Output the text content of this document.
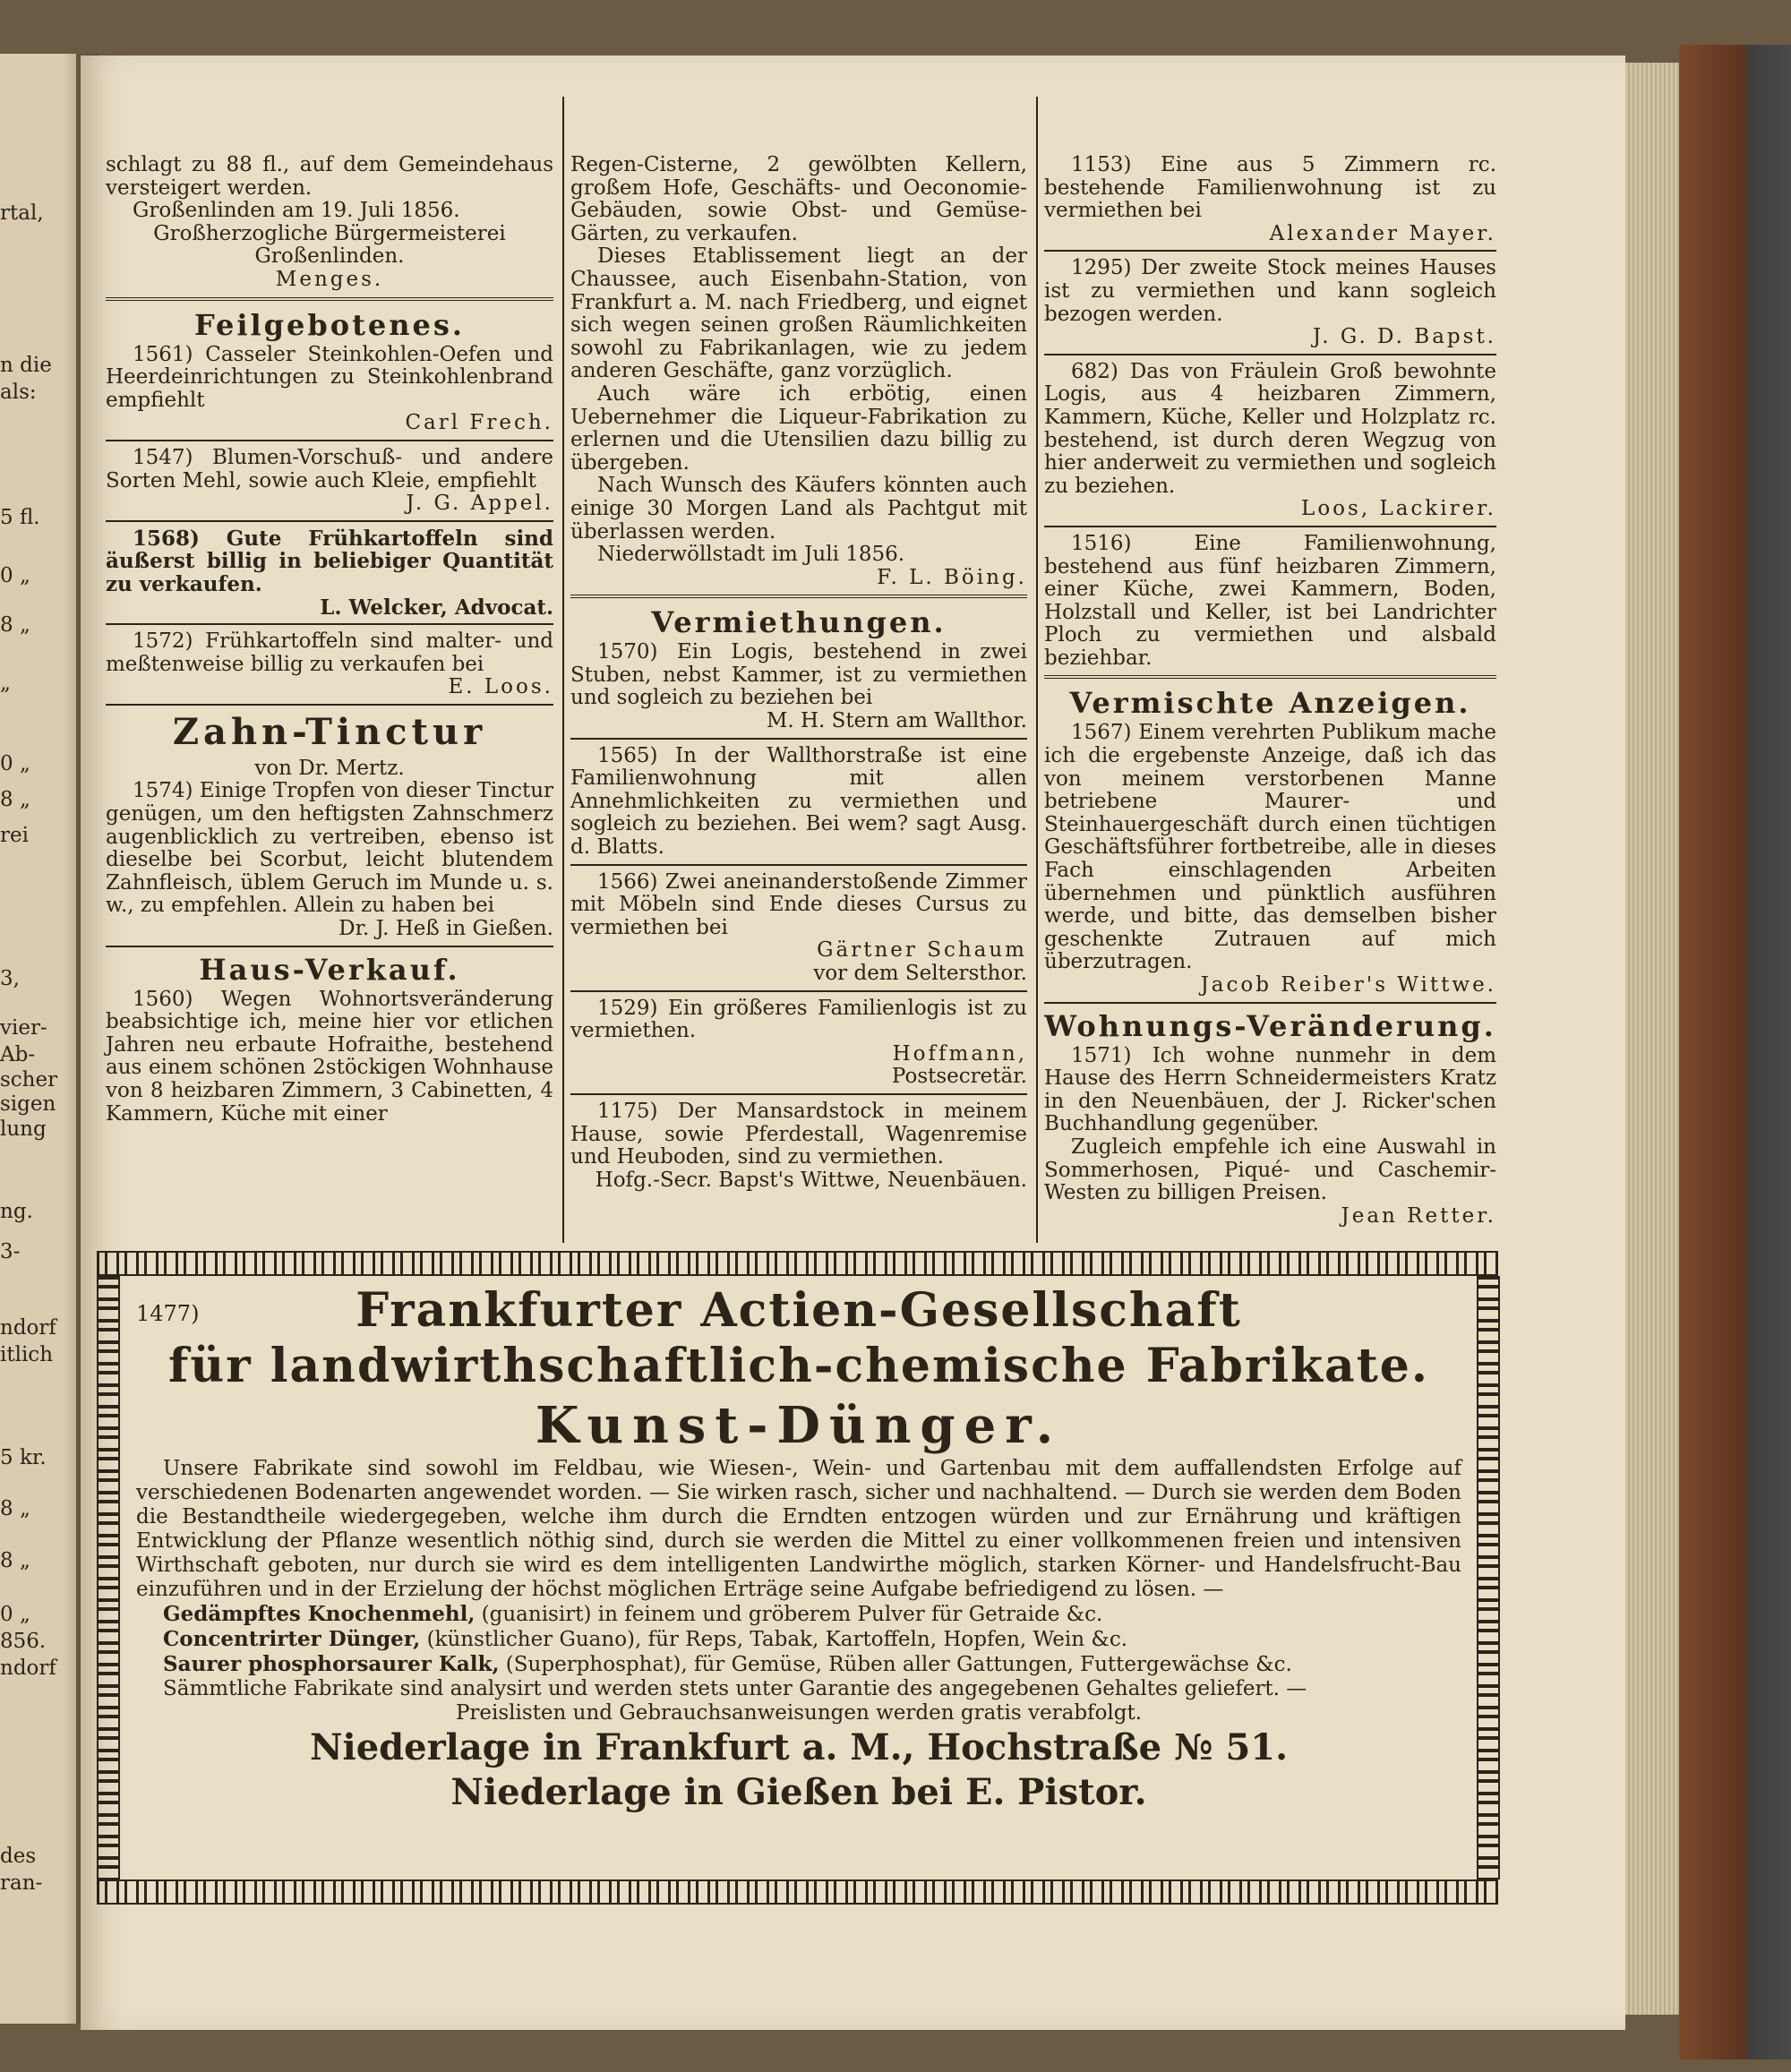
rtal,
n die
als:
5 fl.
0 „
8 „
„
0 „
8 „
rei
3,
vier-
Ab-
scher
sigen
lung
ng.
3-
ndorf
itlich
5 kr.
8 „
8 „
0 „
856.
ndorf
des
ran-

schlagt zu 88 fl., auf dem Gemeindehaus versteigert werden.

Großenlinden am 19. Juli 1856.

Großherzogliche Bürgermeisterei

Großenlinden.

Menges.

Feilgebotenes.

1561) Casseler Steinkohlen-Oefen und Heerdeinrichtungen zu Steinkohlenbrand empfiehlt

Carl Frech.

1547) Blumen-Vorschuß- und andere Sorten Mehl, sowie auch Kleie, empfiehlt

J. G. Appel.

1568) Gute Frühkartoffeln sind äußerst billig in beliebiger Quantität zu verkaufen.

L. Welcker, Advocat.

1572) Frühkartoffeln sind malter- und meßtenweise billig zu verkaufen bei

E. Loos.

Zahn-Tinctur

von Dr. Mertz.

1574) Einige Tropfen von dieser Tinctur genügen, um den heftigsten Zahnschmerz augenblicklich zu vertreiben, ebenso ist dieselbe bei Scorbut, leicht blutendem Zahnfleisch, üblem Geruch im Munde u. s. w., zu empfehlen. Allein zu haben bei

Dr. J. Heß in Gießen.

Haus-Verkauf.

1560) Wegen Wohnortsveränderung beabsichtige ich, meine hier vor etlichen Jahren neu erbaute Hofraithe, bestehend aus einem schönen 2stöckigen Wohnhause von 8 heizbaren Zimmern, 3 Cabinetten, 4 Kammern, Küche mit einer

Regen-Cisterne, 2 gewölbten Kellern, großem Hofe, Geschäfts- und Oeconomie-Gebäuden, sowie Obst- und Gemüse-Gärten, zu verkaufen.

Dieses Etablissement liegt an der Chaussee, auch Eisenbahn-Station, von Frankfurt a. M. nach Friedberg, und eignet sich wegen seinen großen Räumlichkeiten sowohl zu Fabrikanlagen, wie zu jedem anderen Geschäfte, ganz vorzüglich.

Auch wäre ich erbötig, einen Uebernehmer die Liqueur-Fabrikation zu erlernen und die Utensilien dazu billig zu übergeben.

Nach Wunsch des Käufers könnten auch einige 30 Morgen Land als Pachtgut mit überlassen werden.

Niederwöllstadt im Juli 1856.

F. L. Böing.

Vermiethungen.

1570) Ein Logis, bestehend in zwei Stuben, nebst Kammer, ist zu vermiethen und sogleich zu beziehen bei

M. H. Stern am Wallthor.

1565) In der Wallthorstraße ist eine Familienwohnung mit allen Annehmlichkeiten zu vermiethen und sogleich zu beziehen. Bei wem? sagt Ausg. d. Blatts.

1566) Zwei aneinanderstoßende Zimmer mit Möbeln sind Ende dieses Cursus zu vermiethen bei

Gärtner Schaum

vor dem Seltersthor.

1529) Ein größeres Familienlogis ist zu vermiethen.

Hoffmann,

Postsecretär.

1175) Der Mansardstock in meinem Hause, sowie Pferdestall, Wagenremise und Heuboden, sind zu vermiethen.

Hofg.-Secr. Bapst's Wittwe, Neuenbäuen.

1153) Eine aus 5 Zimmern rc. bestehende Familienwohnung ist zu vermiethen bei

Alexander Mayer.

1295) Der zweite Stock meines Hauses ist zu vermiethen und kann sogleich bezogen werden.

J. G. D. Bapst.

682) Das von Fräulein Groß bewohnte Logis, aus 4 heizbaren Zimmern, Kammern, Küche, Keller und Holzplatz rc. bestehend, ist durch deren Wegzug von hier anderweit zu vermiethen und sogleich zu beziehen.

Loos, Lackirer.

1516) Eine Familienwohnung, bestehend aus fünf heizbaren Zimmern, einer Küche, zwei Kammern, Boden, Holzstall und Keller, ist bei Landrichter Ploch zu vermiethen und alsbald beziehbar.

Vermischte Anzeigen.

1567) Einem verehrten Publikum mache ich die ergebenste Anzeige, daß ich das von meinem verstorbenen Manne betriebene Maurer- und Steinhauergeschäft durch einen tüchtigen Geschäftsführer fortbetreibe, alle in dieses Fach einschlagenden Arbeiten übernehmen und pünktlich ausführen werde, und bitte, das demselben bisher geschenkte Zutrauen auf mich überzutragen.

Jacob Reiber's Wittwe.

Wohnungs-Veränderung.

1571) Ich wohne nunmehr in dem Hause des Herrn Schneidermeisters Kratz in den Neuenbäuen, der J. Ricker'schen Buchhandlung gegenüber.

Zugleich empfehle ich eine Auswahl in Sommerhosen, Piqué- und Caschemir-Westen zu billigen Preisen.

Jean Retter.

1477)	Frankfurter Actien-Gesellschaft
für landwirthschaftlich-chemische Fabrikate.
Kunst-Dünger.

Unsere Fabrikate sind sowohl im Feldbau, wie Wiesen-, Wein- und Gartenbau mit dem auffallendsten Erfolge auf verschiedenen Bodenarten angewendet worden. — Sie wirken rasch, sicher und nachhaltend. — Durch sie werden dem Boden die Bestandtheile wiedergegeben, welche ihm durch die Erndten entzogen würden und zur Ernährung und kräftigen Entwicklung der Pflanze wesentlich nöthig sind, durch sie werden die Mittel zu einer vollkommenen freien und intensiven Wirthschaft geboten, nur durch sie wird es dem intelligenten Landwirthe möglich, starken Körner- und Handelsfrucht-Bau einzuführen und in der Erzielung der höchst möglichen Erträge seine Aufgabe befriedigend zu lösen. —

Gedämpftes Knochenmehl, (guanisirt) in feinem und gröberem Pulver für Getraide &c.

Concentrirter Dünger, (künstlicher Guano), für Reps, Tabak, Kartoffeln, Hopfen, Wein &c.

Saurer phosphorsaurer Kalk, (Superphosphat), für Gemüse, Rüben aller Gattungen, Futtergewächse &c.

Sämmtliche Fabrikate sind analysirt und werden stets unter Garantie des angegebenen Gehaltes geliefert. —

Preislisten und Gebrauchsanweisungen werden gratis verabfolgt.

Niederlage in Frankfurt a. M., Hochstraße № 51.
Niederlage in Gießen bei E. Pistor.
